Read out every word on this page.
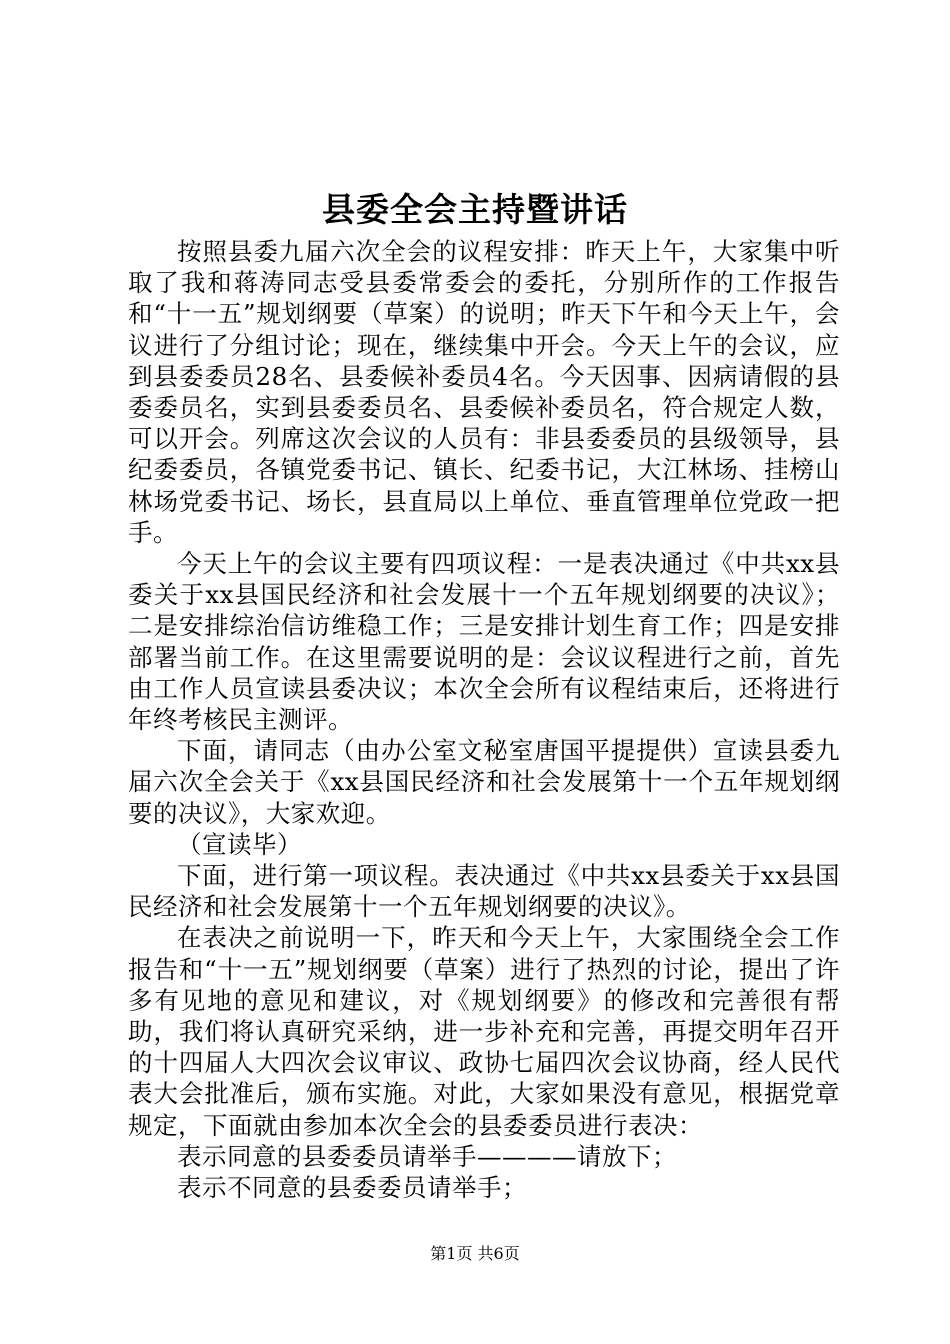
县委全会主持暨讲话

按照县委九届六次全会的议程安排：昨天上午，大家集中听取了我和蒋涛同志受县委常委会的委托，分别所作的工作报告和“十一五”规划纲要（草案）的说明；昨天下午和今天上午，会议进行了分组讨论；现在，继续集中开会。今天上午的会议，应到县委委员28名、县委候补委员4名。今天因事、因病请假的县委委员名，实到县委委员名、县委候补委员名，符合规定人数，可以开会。列席这次会议的人员有：非县委委员的县级领导，县纪委委员，各镇党委书记、镇长、纪委书记，大江林场、挂榜山林场党委书记、场长，县直局以上单位、垂直管理单位党政一把手。

今天上午的会议主要有四项议程：一是表决通过《中共xx县委关于xx县国民经济和社会发展十一个五年规划纲要的决议》；二是安排综治信访维稳工作；三是安排计划生育工作；四是安排部署当前工作。在这里需要说明的是：会议议程进行之前，首先由工作人员宣读县委决议；本次全会所有议程结束后，还将进行年终考核民主测评。

下面，请同志（由办公室文秘室唐国平提提供）宣读县委九届六次全会关于《xx县国民经济和社会发展第十一个五年规划纲要的决议》，大家欢迎。

（宣读毕）

下面，进行第一项议程。表决通过《中共xx县委关于xx县国民经济和社会发展第十一个五年规划纲要的决议》。

在表决之前说明一下，昨天和今天上午，大家围绕全会工作报告和“十一五”规划纲要（草案）进行了热烈的讨论，提出了许多有见地的意见和建议，对《规划纲要》的修改和完善很有帮助，我们将认真研究采纳，进一步补充和完善，再提交明年召开的十四届人大四次会议审议、政协七届四次会议协商，经人民代表大会批准后，颁布实施。对此，大家如果没有意见，根据党章规定，下面就由参加本次全会的县委委员进行表决：

表示同意的县委委员请举手————请放下；

表示不同意的县委委员请举手；

第1页 共6页
